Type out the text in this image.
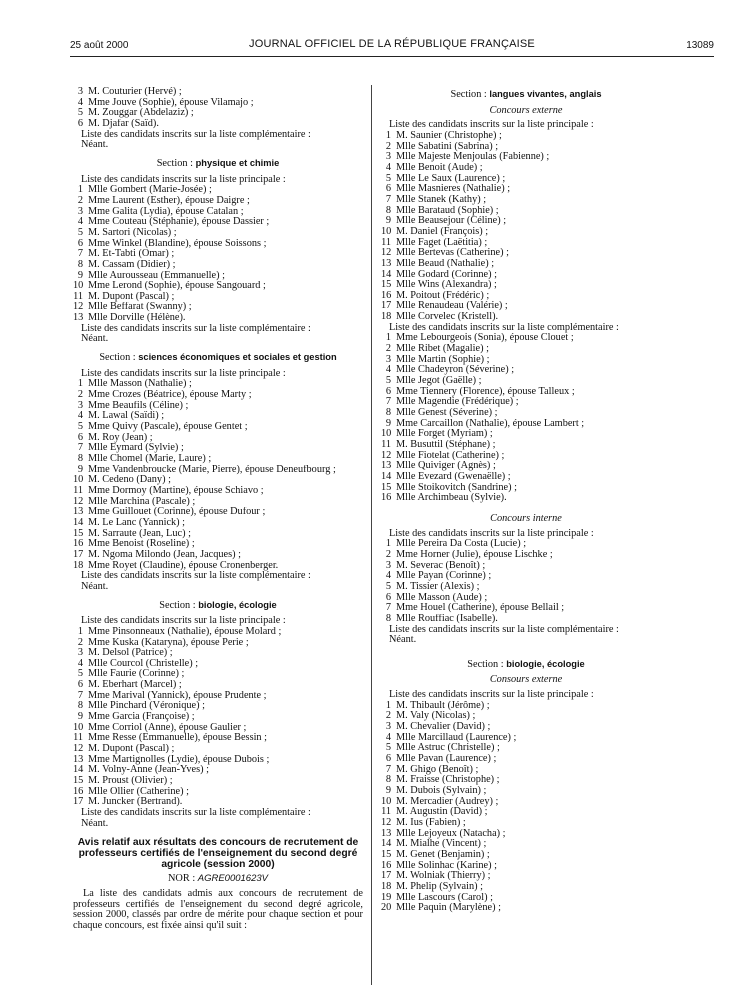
25 août 2000	JOURNAL OFFICIEL DE LA RÉPUBLIQUE FRANÇAISE	13089
3 M. Couturier (Hervé) ;
4 Mme Jouve (Sophie), épouse Vilamajo ;
5 M. Zouggar (Abdelaziz) ;
6 M. Djafar (Saïd).
Liste des candidats inscrits sur la liste complémentaire :
Néant.
Section : physique et chimie
Liste des candidats inscrits sur la liste principale :
1 Mlle Gombert (Marie-Josée) ;
2 Mme Laurent (Esther), épouse Daigre ;
3 Mme Galita (Lydia), épouse Catalan ;
4 Mme Couteau (Stéphanie), épouse Dassier ;
5 M. Sartori (Nicolas) ;
6 Mme Winkel (Blandine), épouse Soissons ;
7 M. Et-Tabti (Omar) ;
8 M. Cassam (Didier) ;
9 Mlle Aurousseau (Emmanuelle) ;
10 Mme Lerond (Sophie), épouse Sangouard ;
11 M. Dupont (Pascal) ;
12 Mlle Beffarat (Swanny) ;
13 Mlle Dorville (Hélène).
Liste des candidats inscrits sur la liste complémentaire :
Néant.
Section : sciences économiques et sociales et gestion
Liste des candidats inscrits sur la liste principale :
1 Mlle Masson (Nathalie) ;
2 Mme Crozes (Béatrice), épouse Marty ;
3 Mme Beaufils (Céline) ;
4 M. Lawal (Saïdi) ;
5 Mme Quivy (Pascale), épouse Gentet ;
6 M. Roy (Jean) ;
7 Mlle Eymard (Sylvie) ;
8 Mlle Chomel (Marie, Laure) ;
9 Mme Vandenbroucke (Marie, Pierre), épouse Deneufbourg ;
10 M. Cedeno (Dany) ;
11 Mme Dormoy (Martine), épouse Schiavo ;
12 Mlle Marchina (Pascale) ;
13 Mme Guillouet (Corinne), épouse Dufour ;
14 M. Le Lanc (Yannick) ;
15 M. Sarraute (Jean, Luc) ;
16 Mme Benoist (Roseline) ;
17 M. Ngoma Milondo (Jean, Jacques) ;
18 Mme Royet (Claudine), épouse Cronenberger.
Liste des candidats inscrits sur la liste complémentaire :
Néant.
Section : biologie, écologie
Liste des candidats inscrits sur la liste principale :
1 Mme Pinsonneaux (Nathalie), épouse Molard ;
2 Mme Kuska (Kataryna), épouse Perie ;
3 M. Delsol (Patrice) ;
4 Mlle Courcol (Christelle) ;
5 Mlle Faurie (Corinne) ;
6 M. Eberhart (Marcel) ;
7 Mme Marival (Yannick), épouse Prudente ;
8 Mlle Pinchard (Véronique) ;
9 Mme Garcia (Françoise) ;
10 Mme Corriol (Anne), épouse Gaulier ;
11 Mme Resse (Emmanuelle), épouse Bessin ;
12 M. Dupont (Pascal) ;
13 Mme Martignolles (Lydie), épouse Dubois ;
14 M. Volny-Anne (Jean-Yves) ;
15 M. Proust (Olivier) ;
16 Mlle Ollier (Catherine) ;
17 M. Juncker (Bertrand).
Liste des candidats inscrits sur la liste complémentaire :
Néant.
Avis relatif aux résultats des concours de recrutement de professeurs certifiés de l'enseignement du second degré agricole (session 2000)
NOR : AGRE0001623V
La liste des candidats admis aux concours de recrutement de professeurs certifiés de l'enseignement du second degré agricole, session 2000, classés par ordre de mérite pour chaque section et pour chaque concours, est fixée ainsi qu'il suit :
Section : langues vivantes, anglais
Concours externe
Liste des candidats inscrits sur la liste principale :
1 M. Saunier (Christophe) ;
2 Mlle Sabatini (Sabrina) ;
3 Mlle Majeste Menjoulas (Fabienne) ;
4 Mlle Benoit (Aude) ;
5 Mlle Le Saux (Laurence) ;
6 Mlle Masnieres (Nathalie) ;
7 Mlle Stanek (Kathy) ;
8 Mlle Barataud (Sophie) ;
9 Mlle Beausejour (Céline) ;
10 M. Daniel (François) ;
11 Mlle Faget (Laëtitia) ;
12 Mlle Bertevas (Catherine) ;
13 Mlle Beaud (Nathalie) ;
14 Mlle Godard (Corinne) ;
15 Mlle Wins (Alexandra) ;
16 M. Poitout (Frédéric) ;
17 Mlle Renaudeau (Valérie) ;
18 Mlle Corvelec (Kristell).
Liste des candidats inscrits sur la liste complémentaire :
1 Mme Lebourgeois (Sonia), épouse Clouet ;
2 Mlle Ribet (Magalie) ;
3 Mlle Martin (Sophie) ;
4 Mlle Chadeyron (Séverine) ;
5 Mlle Jegot (Gaëlle) ;
6 Mme Tiennery (Florence), épouse Talleux ;
7 Mlle Magendie (Frédérique) ;
8 Mlle Genest (Séverine) ;
9 Mme Carcaillon (Nathalie), épouse Lambert ;
10 Mlle Forget (Myriam) ;
11 M. Busuttil (Stéphane) ;
12 Mlle Fiotelat (Catherine) ;
13 Mlle Quiviger (Agnès) ;
14 Mlle Evezard (Gwenaëlle) ;
15 Mlle Stoikovitch (Sandrine) ;
16 Mlle Archimbeau (Sylvie).
Concours interne
Liste des candidats inscrits sur la liste principale :
1 Mlle Pereira Da Costa (Lucie) ;
2 Mme Horner (Julie), épouse Lischke ;
3 M. Severac (Benoît) ;
4 Mlle Payan (Corinne) ;
5 M. Tissier (Alexis) ;
6 Mlle Masson (Aude) ;
7 Mme Houel (Catherine), épouse Bellail ;
8 Mlle Rouffiac (Isabelle).
Liste des candidats inscrits sur la liste complémentaire :
Néant.
Section : biologie, écologie
Consours externe
Liste des candidats inscrits sur la liste principale :
1 M. Thibault (Jérôme) ;
2 M. Valy (Nicolas) ;
3 M. Chevalier (David) ;
4 Mlle Marcillaud (Laurence) ;
5 Mlle Astruc (Christelle) ;
6 Mlle Pavan (Laurence) ;
7 M. Ghigo (Benoît) ;
8 M. Fraisse (Christophe) ;
9 M. Dubois (Sylvain) ;
10 M. Mercadier (Audrey) ;
11 M. Augustin (David) ;
12 M. Ius (Fabien) ;
13 Mlle Lejoyeux (Natacha) ;
14 M. Mialhe (Vincent) ;
15 M. Genet (Benjamin) ;
16 Mlle Solinhac (Karine) ;
17 M. Wolniak (Thierry) ;
18 M. Phelip (Sylvain) ;
19 Mlle Lascours (Carol) ;
20 Mlle Paquin (Marylène) ;
